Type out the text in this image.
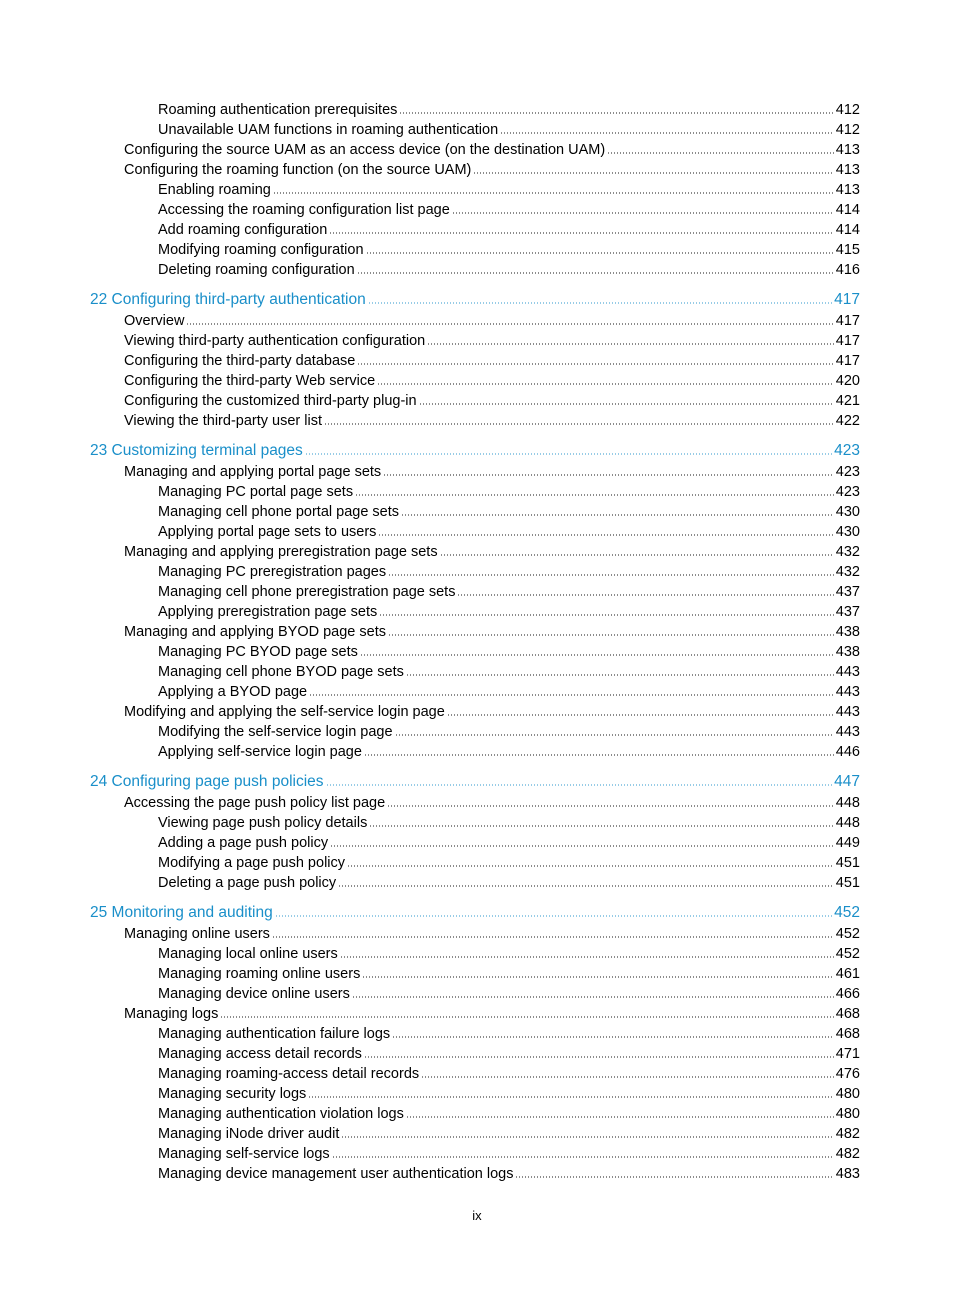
Roaming authentication prerequisites	412
Unavailable UAM functions in roaming authentication	412
Configuring the source UAM as an access device (on the destination UAM)	413
Configuring the roaming function (on the source UAM)	413
Enabling roaming	413
Accessing the roaming configuration list page	414
Add roaming configuration	414
Modifying roaming configuration	415
Deleting roaming configuration	416
22 Configuring third-party authentication	417
Overview	417
Viewing third-party authentication configuration	417
Configuring the third-party database	417
Configuring the third-party Web service	420
Configuring the customized third-party plug-in	421
Viewing the third-party user list	422
23 Customizing terminal pages	423
Managing and applying portal page sets	423
Managing PC portal page sets	423
Managing cell phone portal page sets	430
Applying portal page sets to users	430
Managing and applying preregistration page sets	432
Managing PC preregistration pages	432
Managing cell phone preregistration page sets	437
Applying preregistration page sets	437
Managing and applying BYOD page sets	438
Managing PC BYOD page sets	438
Managing cell phone BYOD page sets	443
Applying a BYOD page	443
Modifying and applying the self-service login page	443
Modifying the self-service login page	443
Applying self-service login page	446
24 Configuring page push policies	447
Accessing the page push policy list page	448
Viewing page push policy details	448
Adding a page push policy	449
Modifying a page push policy	451
Deleting a page push policy	451
25 Monitoring and auditing	452
Managing online users	452
Managing local online users	452
Managing roaming online users	461
Managing device online users	466
Managing logs	468
Managing authentication failure logs	468
Managing access detail records	471
Managing roaming-access detail records	476
Managing security logs	480
Managing authentication violation logs	480
Managing iNode driver audit	482
Managing self-service logs	482
Managing device management user authentication logs	483
ix
